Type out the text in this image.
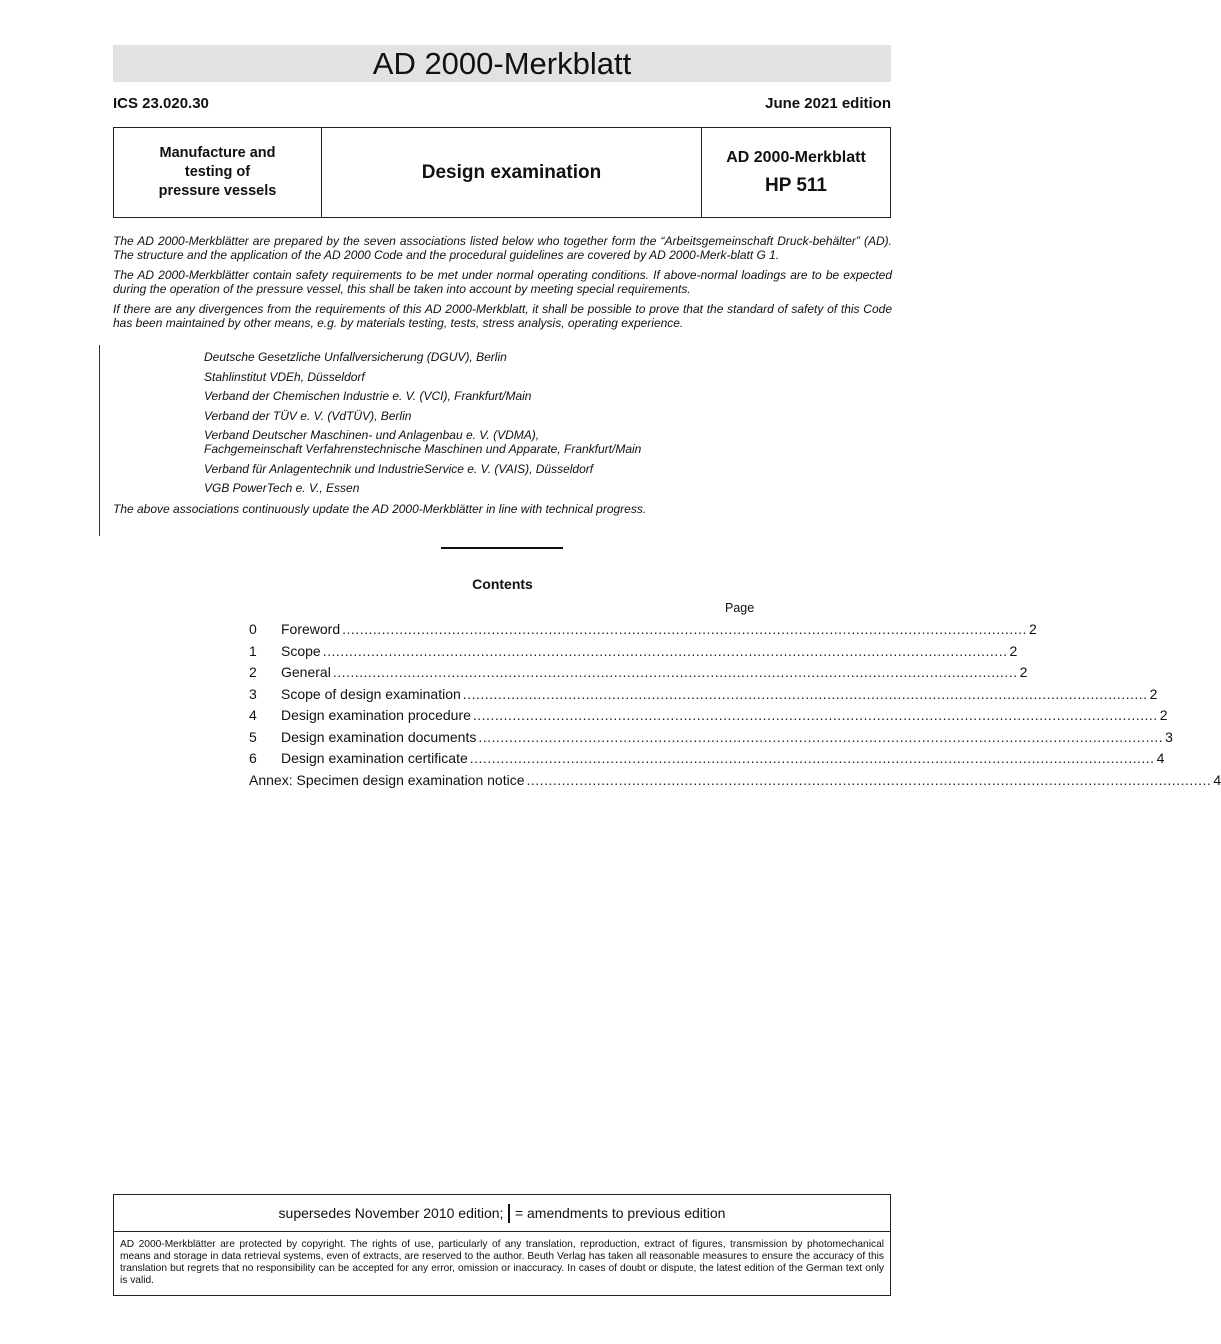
AD 2000-Merkblatt
ICS 23.020.30	June 2021 edition
Manufacture and
testing of
pressure vessels
Design examination
AD 2000-Merkblatt
HP 511

The AD 2000-Merkblätter are prepared by the seven associations listed below who together form the “Arbeitsgemeinschaft Druck-behälter” (AD). The structure and the application of the AD 2000 Code and the procedural guidelines are covered by AD 2000-Merk-blatt G 1.

The AD 2000-Merkblätter contain safety requirements to be met under normal operating conditions. If above-normal loadings are to be expected during the operation of the pressure vessel, this shall be taken into account by meeting special requirements.

If there are any divergences from the requirements of this AD 2000-Merkblatt, it shall be possible to prove that the standard of safety of this Code has been maintained by other means, e.g. by materials testing, tests, stress analysis, operating experience.

Deutsche Gesetzliche Unfallversicherung (DGUV), Berlin
Stahlinstitut VDEh, Düsseldorf
Verband der Chemischen Industrie e. V. (VCI), Frankfurt/Main
Verband der TÜV e. V. (VdTÜV), Berlin
Verband Deutscher Maschinen- und Anlagenbau e. V. (VDMA),
Fachgemeinschaft Verfahrenstechnische Maschinen und Apparate, Frankfurt/Main
Verband für Anlagentechnik und IndustrieService e. V. (VAIS), Düsseldorf
VGB PowerTech e. V., Essen
The above associations continuously update the AD 2000-Merkblätter in line with technical progress.
Contents
Page
0	Foreword ............................................................................................................................................................ 2
1	Scope ............................................................................................................................................................ 2
2	General ............................................................................................................................................................ 2
3	Scope of design examination ............................................................................................................................................................ 2
4	Design examination procedure ............................................................................................................................................................ 2
5	Design examination documents ............................................................................................................................................................ 3
6	Design examination certificate ............................................................................................................................................................ 4
Annex: Specimen design examination notice ............................................................................................................................................................ 4
supersedes November 2010 edition; = amendments to previous edition
AD 2000-Merkblätter are protected by copyright. The rights of use, particularly of any translation, reproduction, extract of figures, transmission by photomechanical means and storage in data retrieval systems, even of extracts, are reserved to the author. Beuth Verlag has taken all reasonable measures to ensure the accuracy of this translation but regrets that no responsibility can be accepted for any error, omission or inaccuracy. In cases of doubt or dispute, the latest edition of the German text only is valid.
